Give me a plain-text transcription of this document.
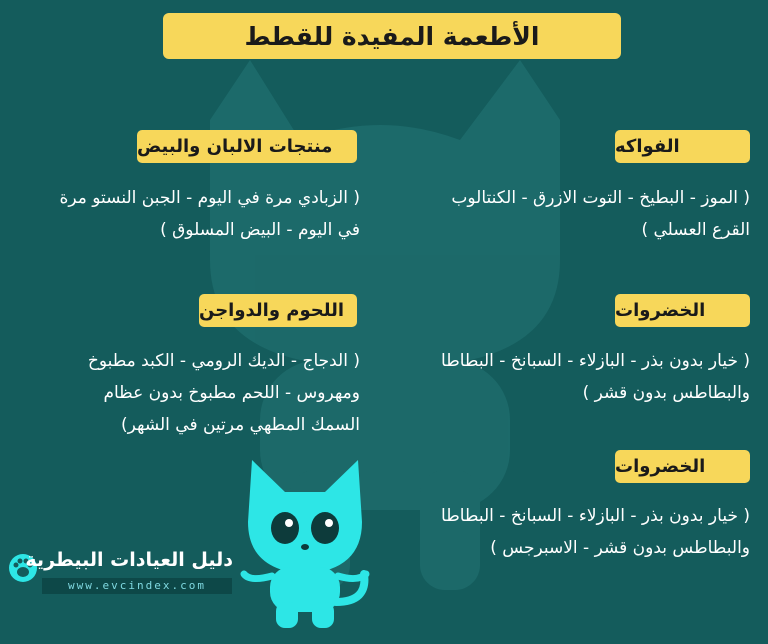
الأطعمة المفيدة للقطط
منتجات الالبان والبيض
( الزبادي مرة في اليوم - الجبن النستو مرة
في اليوم - البيض المسلوق )
الفواكه
( الموز - البطيخ - التوت الازرق - الكنتالوب
القرع العسلي )
اللحوم والدواجن
( الدجاج - الديك الرومي - الكبد مطبوخ
ومهروس - اللحم مطبوخ بدون عظام
السمك المطهي مرتين في الشهر)
الخضروات
( خيار بدون بذر - البازلاء - السبانخ - البطاطا
والبطاطس بدون قشر )
الخضروات
( خيار بدون بذر - البازلاء - السبانخ - البطاطا
والبطاطس بدون قشر - الاسبرجس )
دليل العيادات البيطرية
www.evcindex.com
